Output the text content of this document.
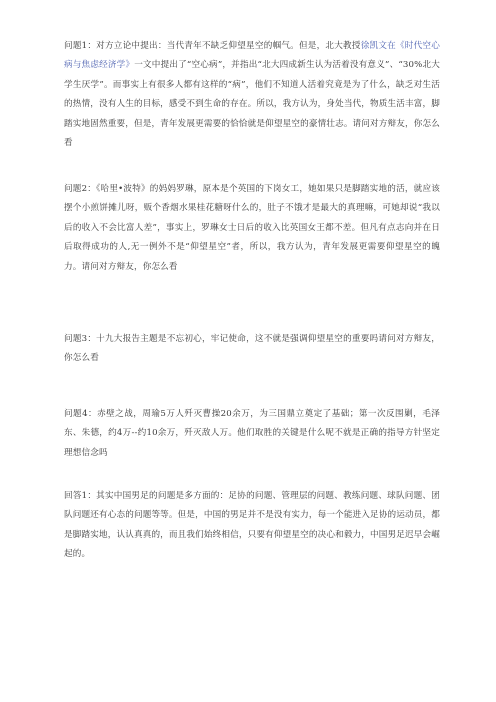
问题1：对方立论中提出：当代青年不缺乏仰望星空的帼气。但是，北大教授徐凯文在《时代空心病与焦虑经济学》一文中提出了“空心病”，并指出“北大四成新生认为活着没有意义”、“30%北大学生厌学”。而事实上有很多人都有这样的“病”，他们不知道人活着究竟是为了什么，缺乏对生活的热情，没有人生的目标，感受不到生命的存在。所以，我方认为，身处当代，物质生活丰富，脚踏实地固然重要，但是，青年发展更需要的恰恰就是仰望星空的豪情壮志。请问对方辩友，你怎么看

问题2：《哈里•波特》的妈妈罗琳，原本是个英国的下岗女工，她如果只是脚踏实地的活，就应该摆个小煎饼摊儿呀，贩个香烟水果桂花糖呀什么的，肚子不饿才是最大的真理嘛，可她却说“我以后的收入不会比富人差”，事实上，罗琳女士日后的收入比英国女王都不差。但凡有点志向并在日后取得成功的人,无一例外不是“仰望星空”者，所以，我方认为，青年发展更需要仰望星空的魄力。请问对方辩友，你怎么看

问题3：十九大报告主题是不忘初心，牢记使命，这不就是强调仰望星空的重要吗请问对方辩友，你怎么看

问题4：赤壁之战，周瑜5万人歼灭曹操20余万，为三国鼎立奠定了基础；第一次反围剿，毛泽东、朱德，约4万--约10余万，歼灭敌人万。他们取胜的关键是什么呢不就是正确的指导方针坚定理想信念吗

回答1：其实中国男足的问题是多方面的：足协的问题、管理层的问题、教练问题、球队问题、团队问题还有心态的问题等等。但是，中国的男足并不是没有实力，每一个能进入足协的运动员，都是脚踏实地，认认真真的，而且我们始终相信，只要有仰望星空的决心和毅力，中国男足迟早会崛起的。
